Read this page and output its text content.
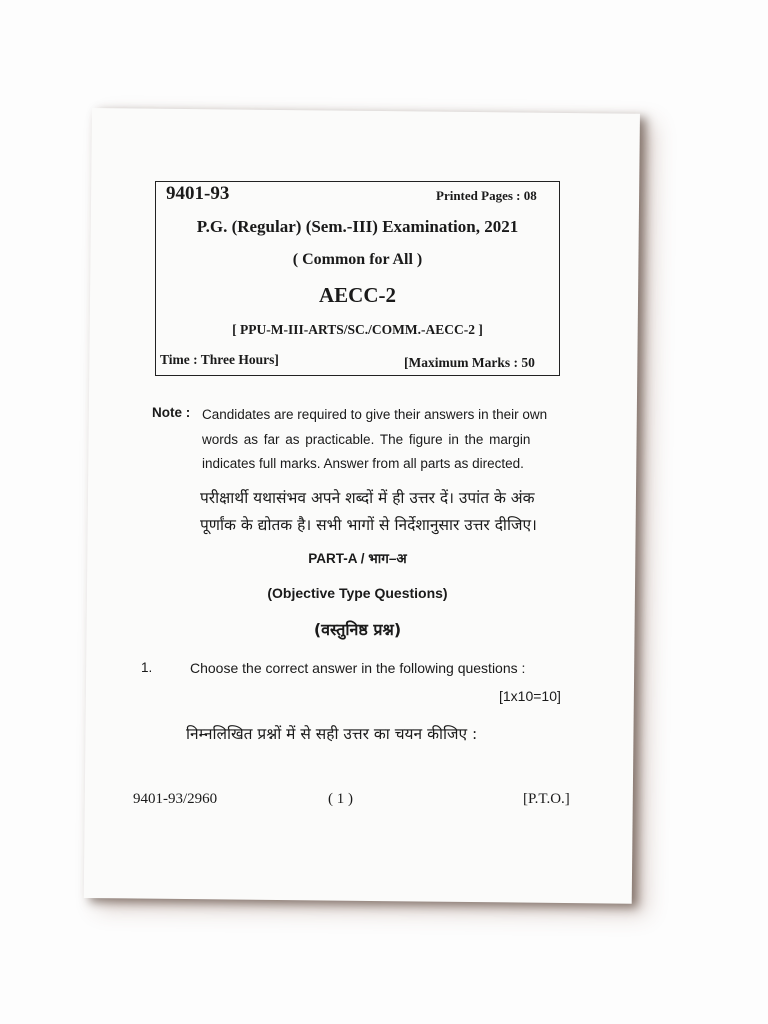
9401-93	Printed Pages : 08
P.G. (Regular) (Sem.-III) Examination, 2021
( Common for All )
AECC-2
[ PPU-M-III-ARTS/SC./COMM.-AECC-2 ]
Time : Three Hours]	[Maximum Marks : 50
Note : Candidates are required to give their answers in their own
words as far as practicable. The figure in the margin
indicates full marks. Answer from all parts as directed.
परीक्षार्थी यथासंभव अपने शब्दों में ही उत्तर दें। उपांत के अंक
पूर्णांक के द्योतक है। सभी भागों से निर्देशानुसार उत्तर दीजिए।
PART-A / भाग–अ
(Objective Type Questions)
(वस्तुनिष्ठ प्रश्न)
1.	Choose the correct answer in the following questions :
[1x10=10]
निम्नलिखित प्रश्नों में से सही उत्तर का चयन कीजिए :
9401-93/2960	( 1 )	[P.T.O.]
